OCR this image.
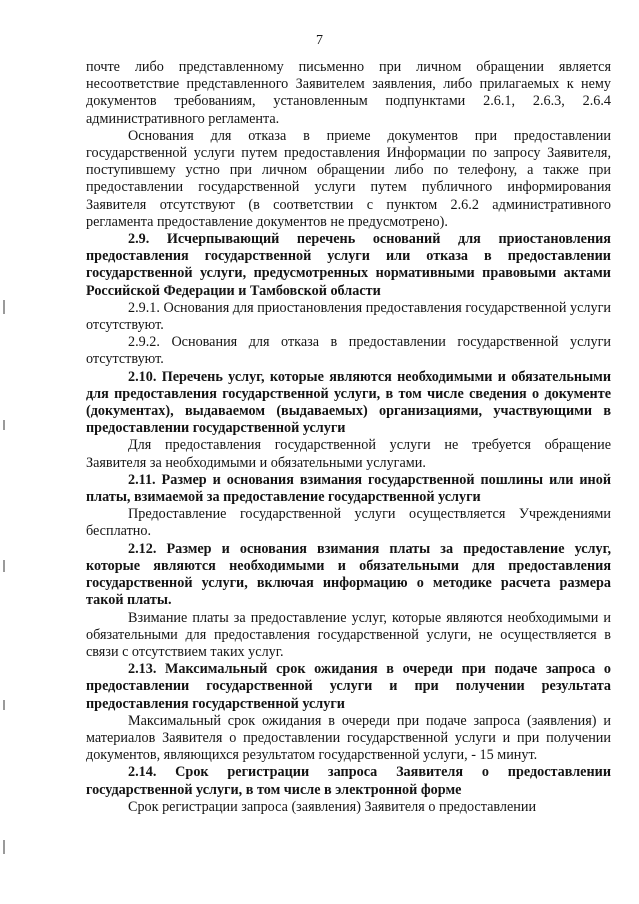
7

почте либо представленному письменно при личном обращении является несоответствие представленного Заявителем заявления, либо прилагаемых к нему документов требованиям, установленным подпунктами 2.6.1, 2.6.3, 2.6.4 административного регламента.

Основания для отказа в приеме документов при предоставлении государственной услуги путем предоставления Информации по запросу Заявителя, поступившему устно при личном обращении либо по телефону, а также при предоставлении государственной услуги путем публичного информирования Заявителя отсутствуют (в соответствии с пунктом 2.6.2 административного регламента предоставление документов не предусмотрено).

2.9. Исчерпывающий перечень оснований для приостановления предоставления государственной услуги или отказа в предоставлении государственной услуги, предусмотренных нормативными правовыми актами Российской Федерации и Тамбовской области

2.9.1. Основания для приостановления предоставления государственной услуги отсутствуют.

2.9.2. Основания для отказа в предоставлении государственной услуги отсутствуют.

2.10. Перечень услуг, которые являются необходимыми и обязательными для предоставления государственной услуги, в том числе сведения о документе (документах), выдаваемом (выдаваемых) организациями, участвующими в предоставлении государственной услуги

Для предоставления государственной услуги не требуется обращение Заявителя за необходимыми и обязательными услугами.

2.11. Размер и основания взимания государственной пошлины или иной платы, взимаемой за предоставление государственной услуги

Предоставление государственной услуги осуществляется Учреждениями бесплатно.

2.12. Размер и основания взимания платы за предоставление услуг, которые являются необходимыми и обязательными для предоставления государственной услуги, включая информацию о методике расчета размера такой платы.

Взимание платы за предоставление услуг, которые являются необходимыми и обязательными для предоставления государственной услуги, не осуществляется в связи с отсутствием таких услуг.

2.13. Максимальный срок ожидания в очереди при подаче запроса о предоставлении государственной услуги и при получении результата предоставления государственной услуги

Максимальный срок ожидания в очереди при подаче запроса (заявления) и материалов Заявителя о предоставлении государственной услуги и при получении документов, являющихся результатом государственной услуги, - 15 минут.

2.14. Срок регистрации запроса Заявителя о предоставлении государственной услуги, в том числе в электронной форме

Срок регистрации запроса (заявления) Заявителя о предоставлении
